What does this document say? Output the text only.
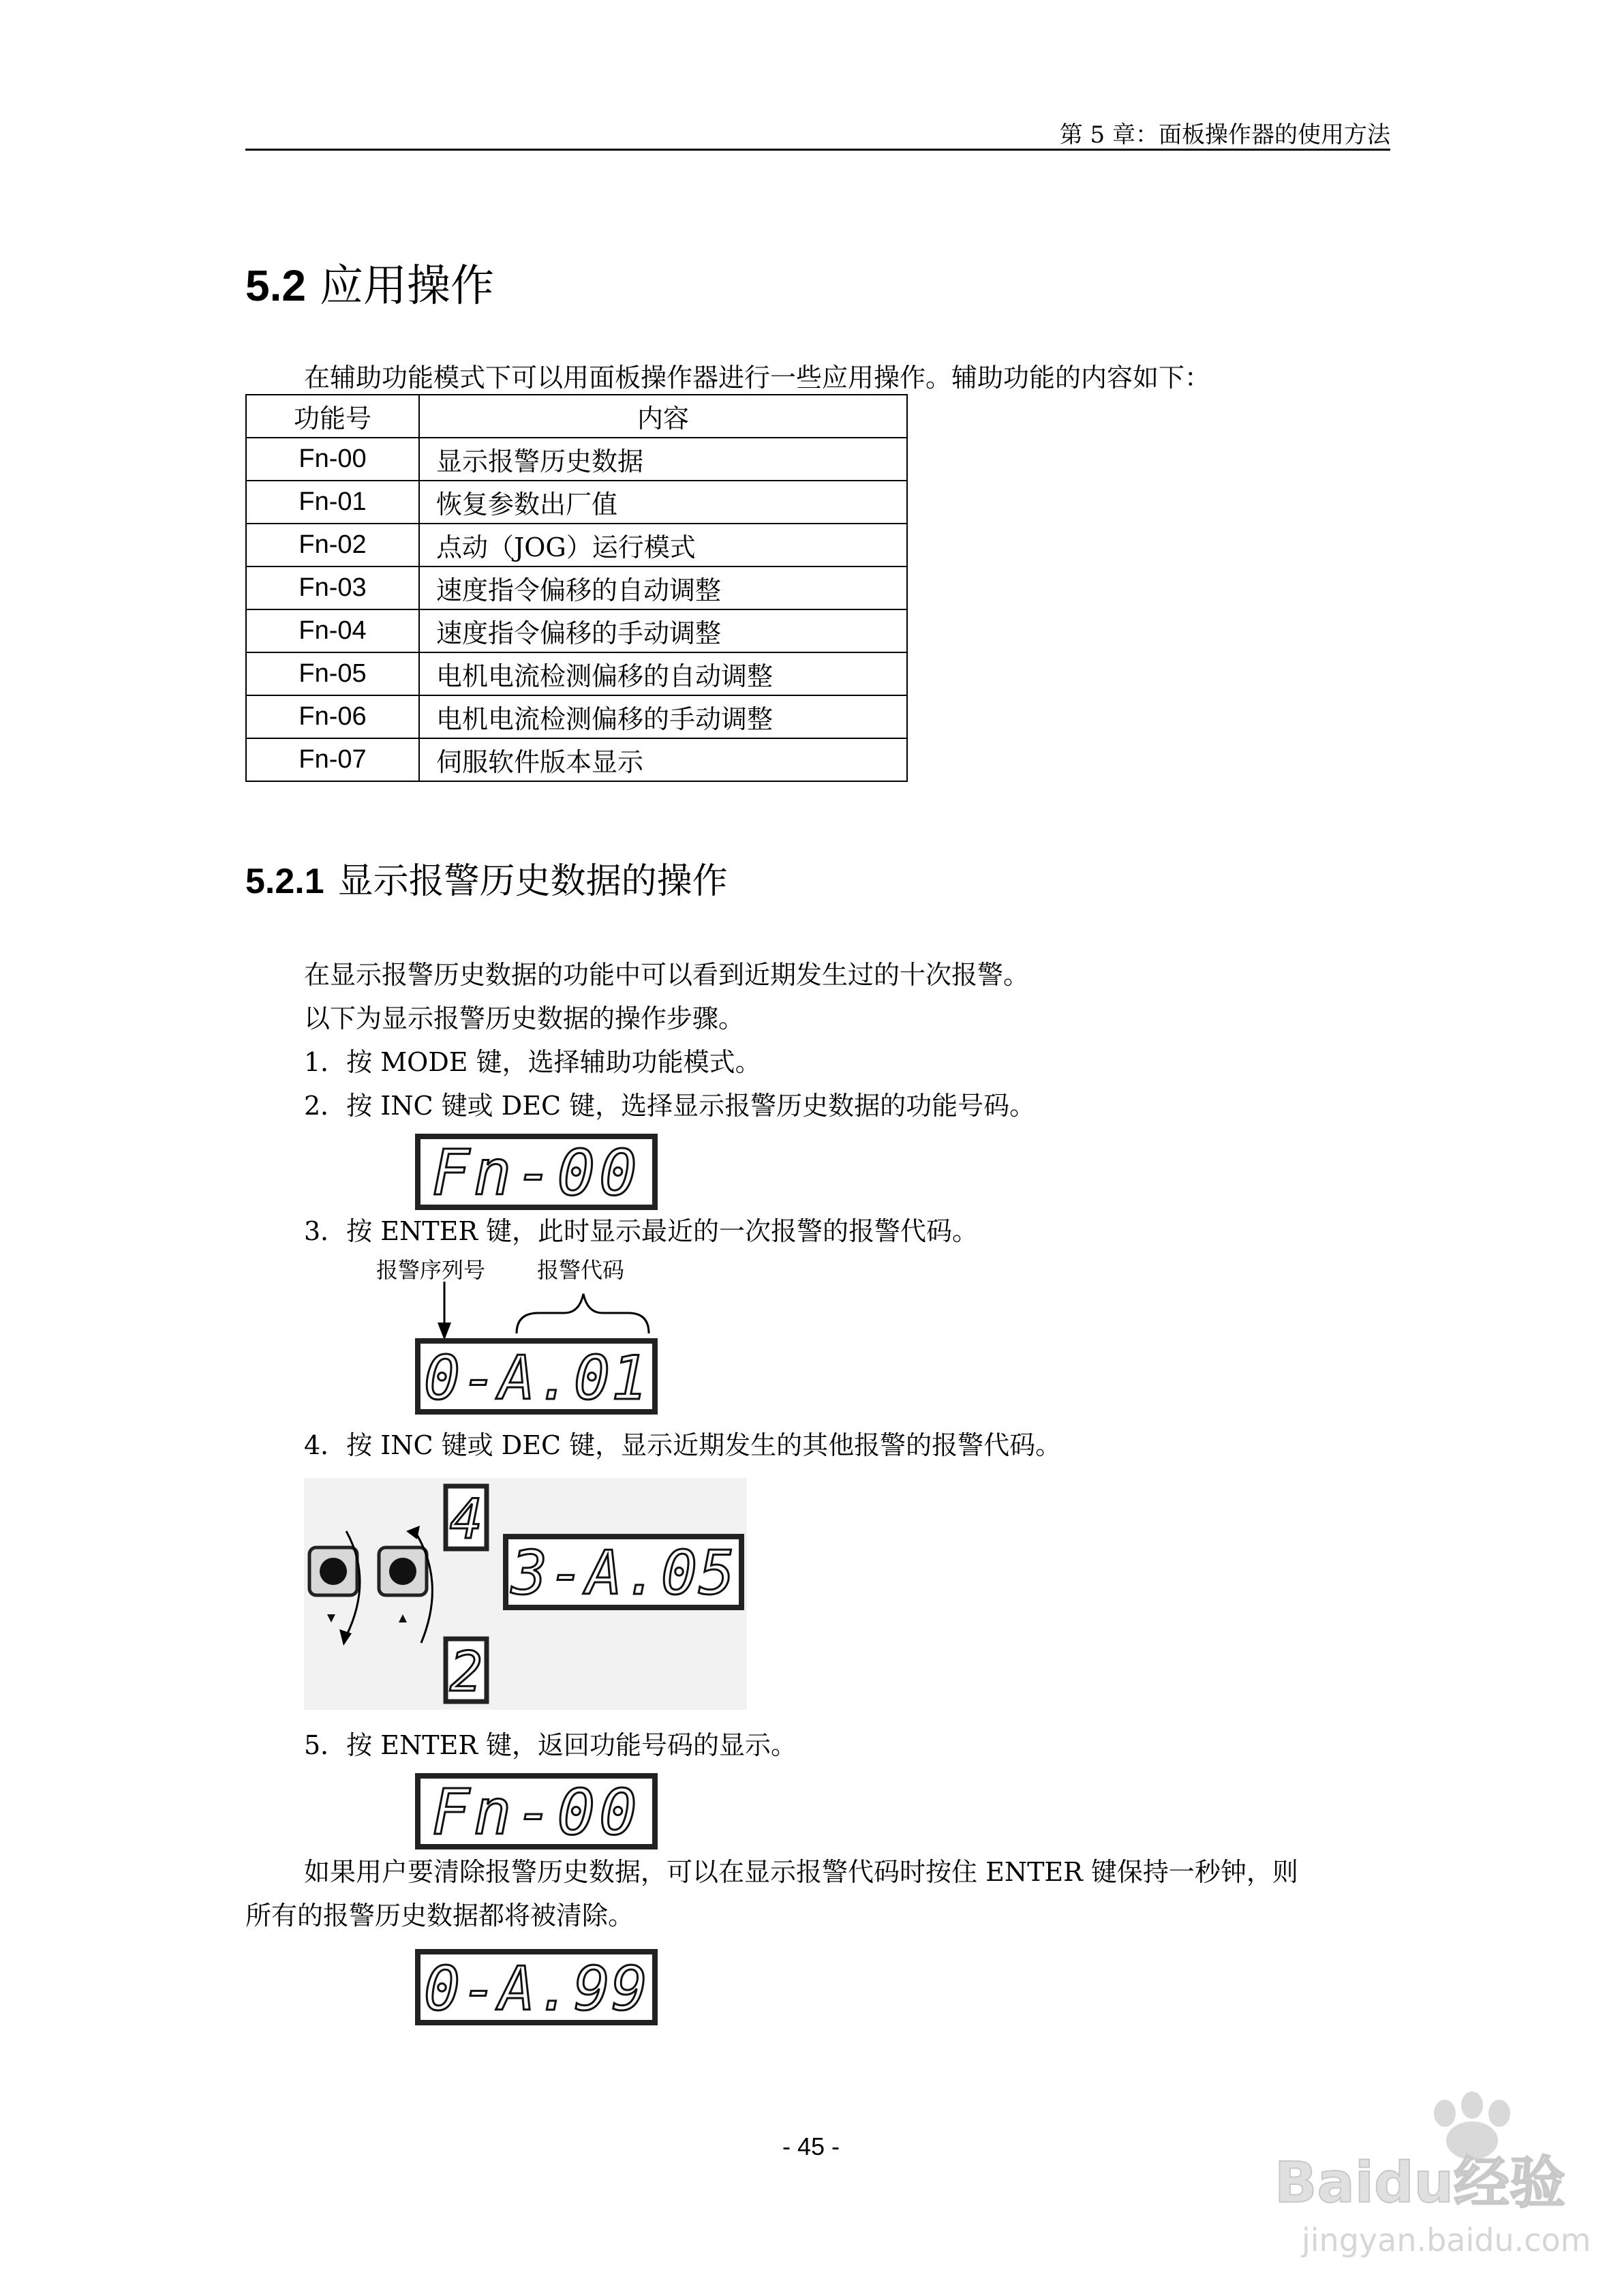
第 5 章：面板操作器的使用方法
5.2 应用操作
在辅助功能模式下可以用面板操作器进行一些应用操作。辅助功能的内容如下：
功能号	内容
Fn-00	显示报警历史数据
Fn-01	恢复参数出厂值
Fn-02	点动（JOG）运行模式
Fn-03	速度指令偏移的自动调整
Fn-04	速度指令偏移的手动调整
Fn-05	电机电流检测偏移的自动调整
Fn-06	电机电流检测偏移的手动调整
Fn-07	伺服软件版本显示
5.2.1 显示报警历史数据的操作
在显示报警历史数据的功能中可以看到近期发生过的十次报警。
以下为显示报警历史数据的操作步骤。
1．按 MODE 键，选择辅助功能模式。
2．按 INC 键或 DEC 键，选择显示报警历史数据的功能号码。
Fn-00
3．按 ENTER 键，此时显示最近的一次报警的报警代码。
报警序列号 报警代码
0-A.01
4．按 INC 键或 DEC 键，显示近期发生的其他报警的报警代码。
4
2
3-A.05
5．按 ENTER 键，返回功能号码的显示。
Fn-00
如果用户要清除报警历史数据，可以在显示报警代码时按住 ENTER 键保持一秒钟，则
所有的报警历史数据都将被清除。
0-A.99
- 45 -
Baidu经验
jingyan.baidu.com
